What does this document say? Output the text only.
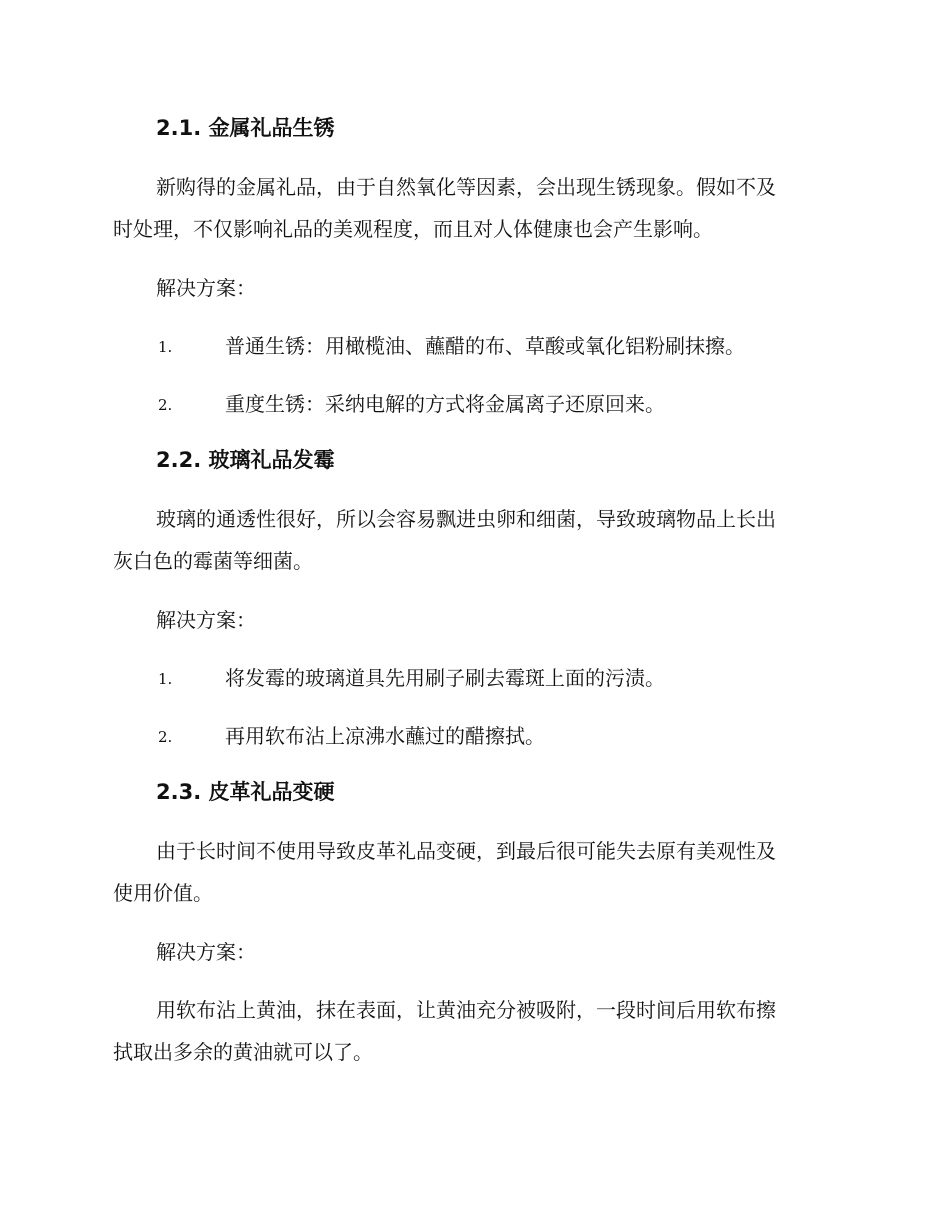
2.1. 金属礼品生锈
新购得的金属礼品，由于自然氧化等因素，会出现生锈现象。假如不及
时处理，不仅影响礼品的美观程度，而且对人体健康也会产生影响。
解决方案：
1.	普通生锈：用橄榄油、蘸醋的布、草酸或氧化铝粉刷抹擦。
2.	重度生锈：采纳电解的方式将金属离子还原回来。
2.2. 玻璃礼品发霉
玻璃的通透性很好，所以会容易飘进虫卵和细菌，导致玻璃物品上长出
灰白色的霉菌等细菌。
解决方案：
1.	将发霉的玻璃道具先用刷子刷去霉斑上面的污渍。
2.	再用软布沾上凉沸水蘸过的醋擦拭。
2.3. 皮革礼品变硬
由于长时间不使用导致皮革礼品变硬，到最后很可能失去原有美观性及
使用价值。
解决方案：
用软布沾上黄油，抹在表面，让黄油充分被吸附，一段时间后用软布擦
拭取出多余的黄油就可以了。
